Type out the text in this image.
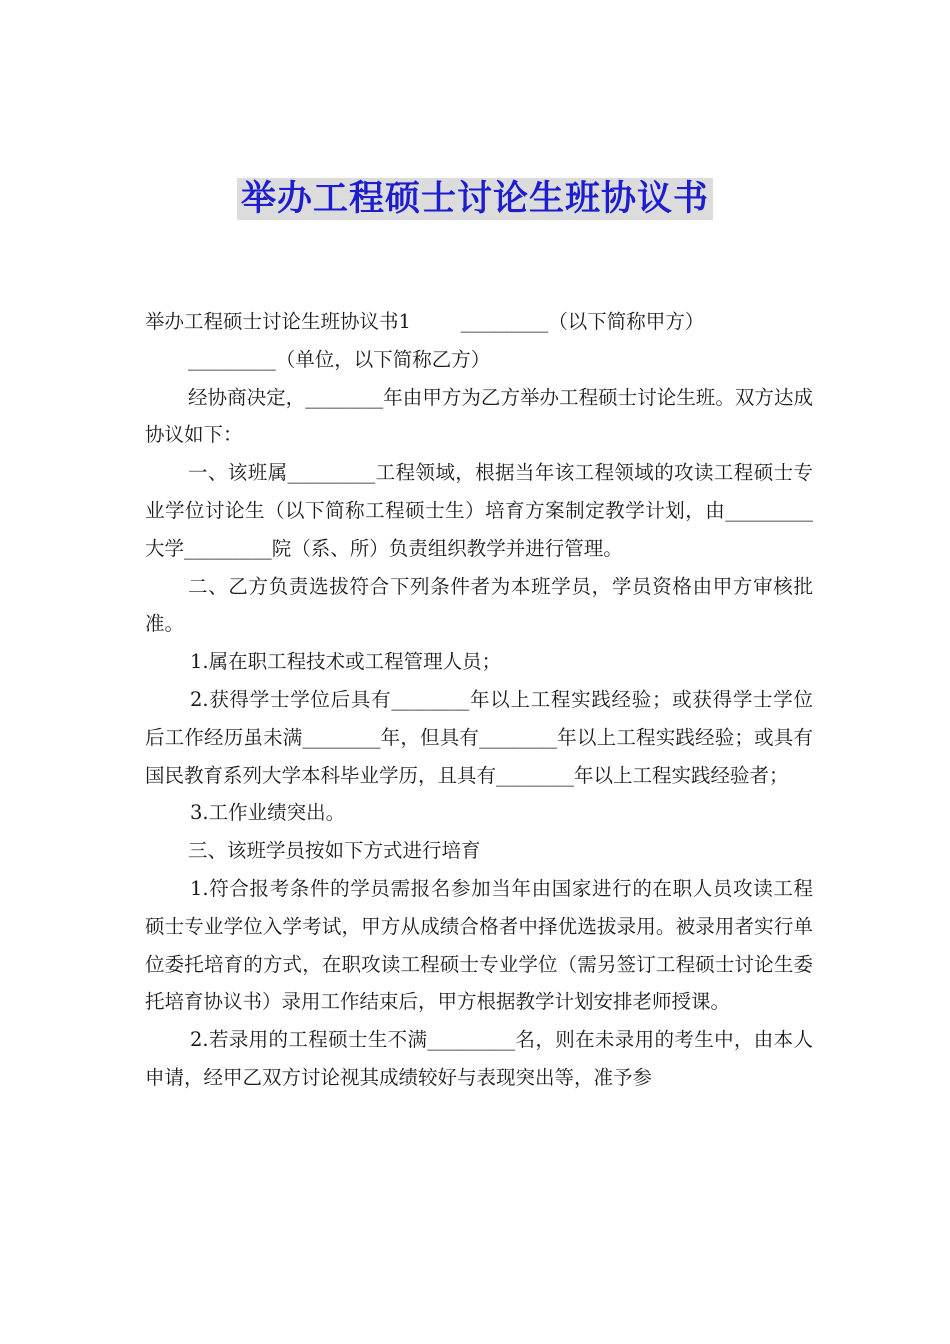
举办工程硕士讨论生班协议书

举办工程硕士讨论生班协议书1        _________（以下简称甲方）

_________（单位，以下简称乙方）

经协商决定，________年由甲方为乙方举办工程硕士讨论生班。双方达成协议如下：

一、该班属_________工程领域，根据当年该工程领域的攻读工程硕士专业学位讨论生（以下简称工程硕士生）培育方案制定教学计划，由_________大学_________院（系、所）负责组织教学并进行管理。

二、乙方负责选拔符合下列条件者为本班学员，学员资格由甲方审核批准。

1.属在职工程技术或工程管理人员；

2.获得学士学位后具有________年以上工程实践经验；或获得学士学位后工作经历虽未满________年，但具有________年以上工程实践经验；或具有国民教育系列大学本科毕业学历，且具有________年以上工程实践经验者；

3.工作业绩突出。

三、该班学员按如下方式进行培育

1.符合报考条件的学员需报名参加当年由国家进行的在职人员攻读工程硕士专业学位入学考试，甲方从成绩合格者中择优选拔录用。被录用者实行单位委托培育的方式，在职攻读工程硕士专业学位（需另签订工程硕士讨论生委托培育协议书）录用工作结束后，甲方根据教学计划安排老师授课。

2.若录用的工程硕士生不满_________名，则在未录用的考生中，由本人申请，经甲乙双方讨论视其成绩较好与表现突出等，准予参
